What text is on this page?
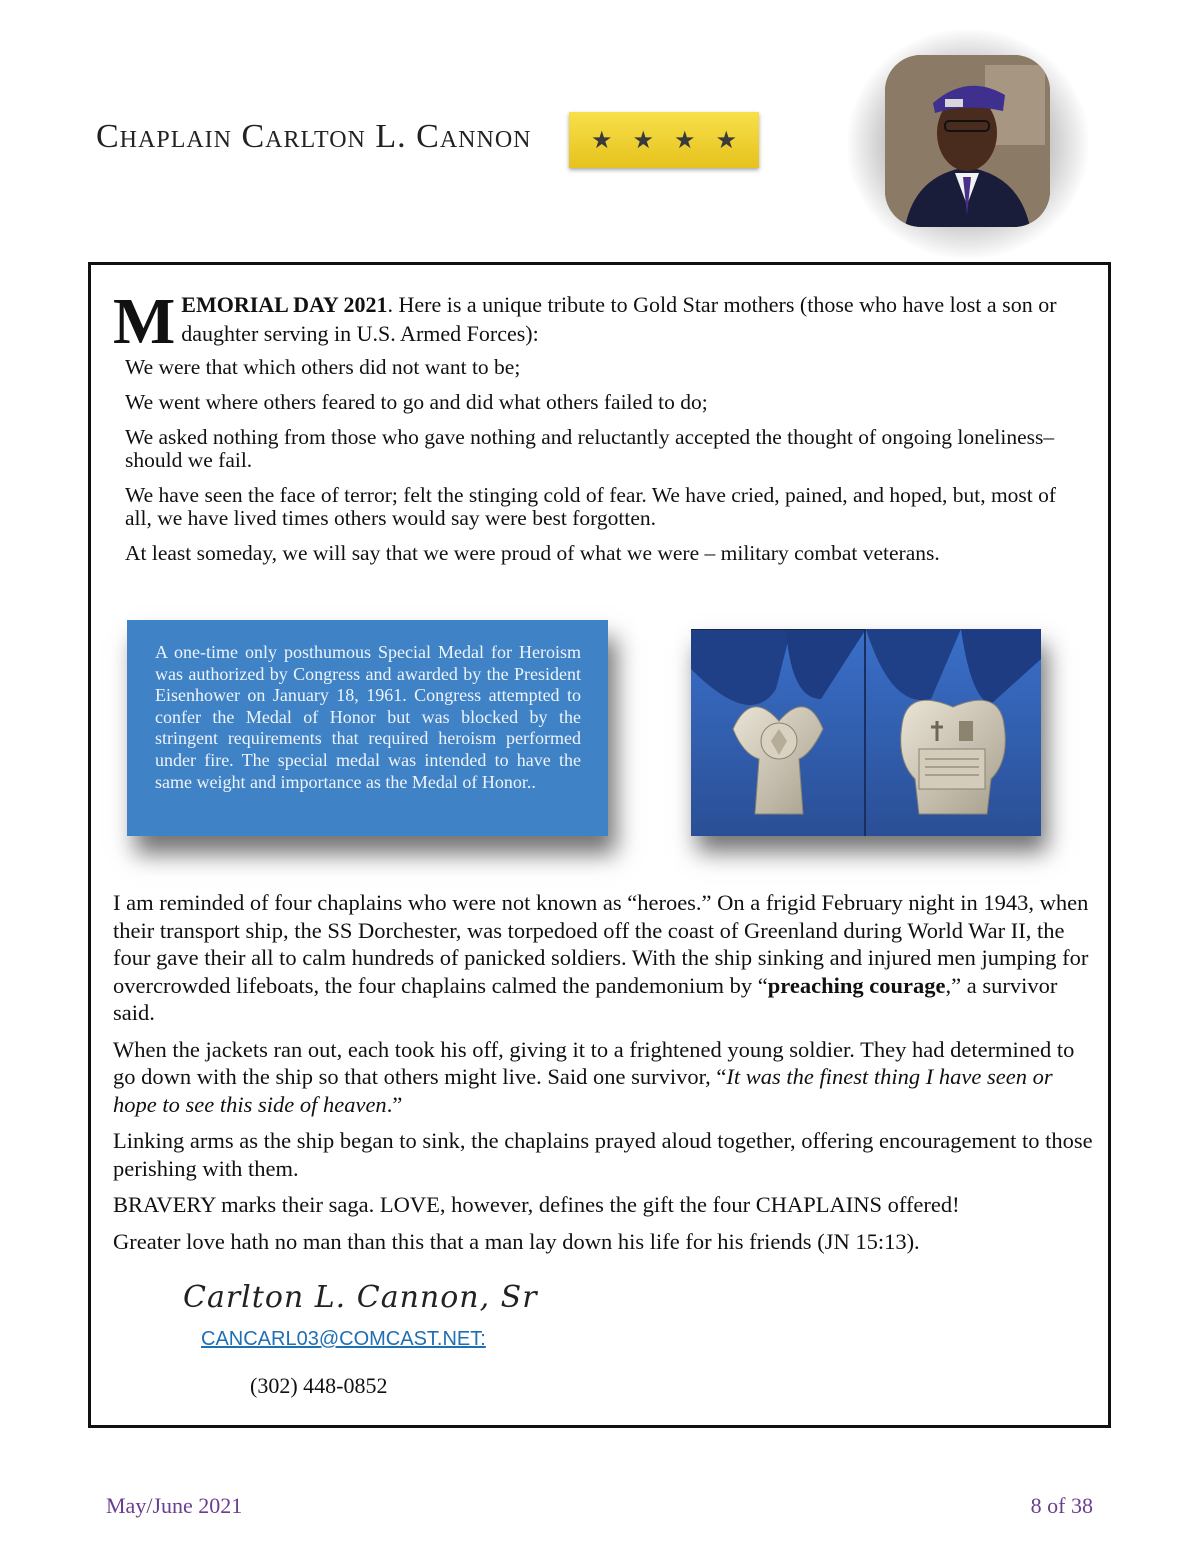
Chaplain Carlton L. Cannon ★ ★ ★ ★
MEMORIAL DAY 2021. Here is a unique tribute to Gold Star mothers (those who have lost a son or daughter serving in U.S. Armed Forces):

We were that which others did not want to be;

We went where others feared to go and did what others failed to do;

We asked nothing from those who gave nothing and reluctantly accepted the thought of ongoing loneliness–should we fail.

We have seen the face of terror; felt the stinging cold of fear. We have cried, pained, and hoped, but, most of all, we have lived times others would say were best forgotten.

At least someday, we will say that we were proud of what we were – military combat veterans.

A one-time only posthumous Special Medal for Heroism was authorized by Congress and awarded by the President Eisenhower on January 18, 1961. Congress attempted to confer the Medal of Honor but was blocked by the stringent requirements that required heroism performed under fire. The special medal was intended to have the same weight and importance as the Medal of Honor..

I am reminded of four chaplains who were not known as “heroes.” On a frigid February night in 1943, when their transport ship, the SS Dorchester, was torpedoed off the coast of Greenland during World War II, the four gave their all to calm hundreds of panicked soldiers. With the ship sinking and injured men jumping for overcrowded lifeboats, the four chaplains calmed the pandemonium by “preaching courage,” a survivor said.

When the jackets ran out, each took his off, giving it to a frightened young soldier. They had determined to go down with the ship so that others might live. Said one survivor, “It was the finest thing I have seen or hope to see this side of heaven.”

Linking arms as the ship began to sink, the chaplains prayed aloud together, offering encouragement to those perishing with them.

BRAVERY marks their saga. LOVE, however, defines the gift the four CHAPLAINS offered!

Greater love hath no man than this that a man lay down his life for his friends (JN 15:13).

Carlton L. Cannon, Sr
CANCARL03@COMCAST.NET:
(302) 448-0852
May/June 2021	8 of 38
